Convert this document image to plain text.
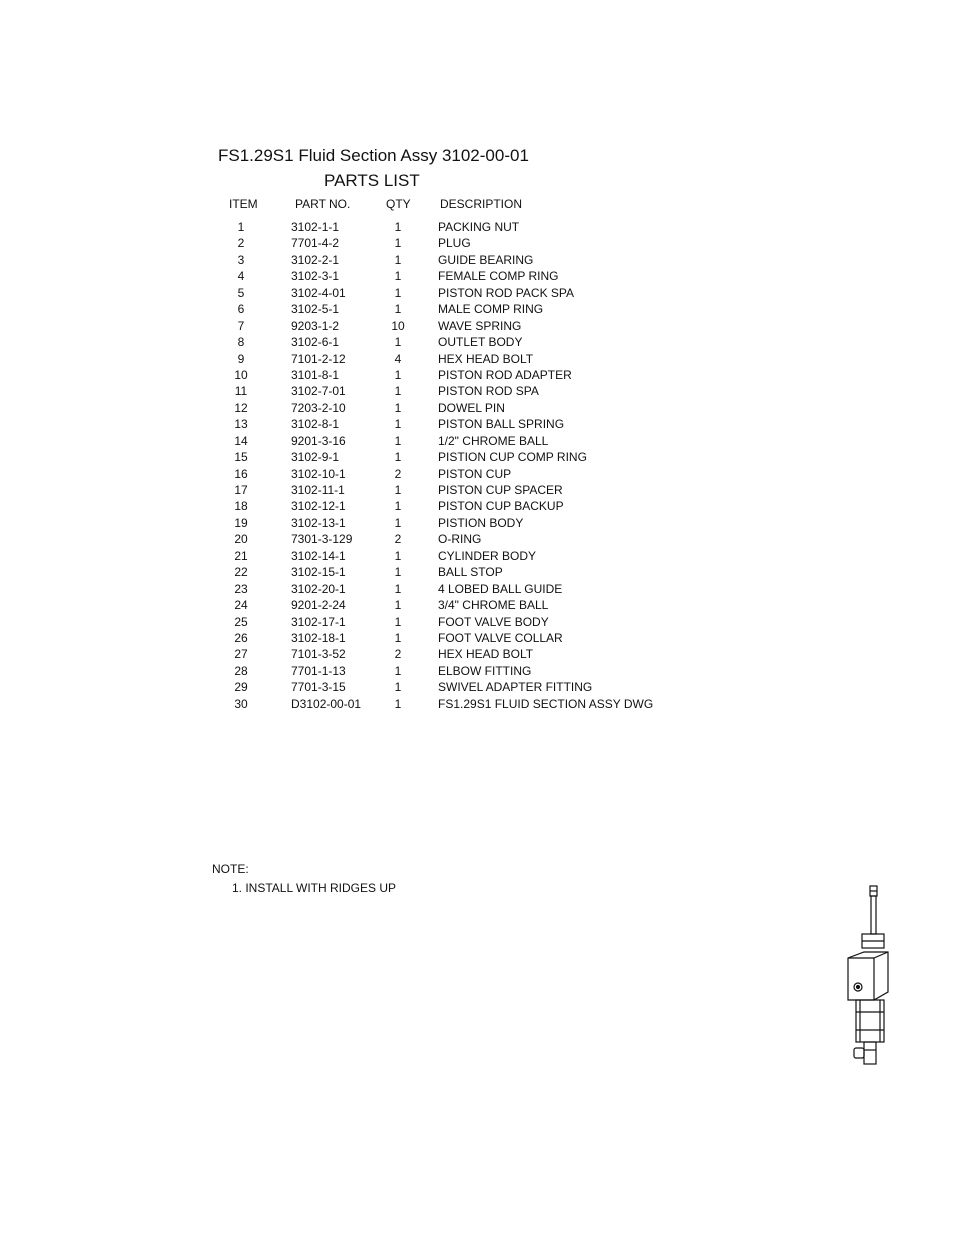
FS1.29S1 Fluid Section Assy 3102-00-01
PARTS LIST
ITEM	PART NO.	QTY DESCRIPTION
1	3102-1-1	1	PACKING NUT
2	7701-4-2	1	PLUG
3	3102-2-1	1	GUIDE BEARING
4	3102-3-1	1	FEMALE COMP RING
5	3102-4-01	1	PISTON ROD PACK SPA
6	3102-5-1	1	MALE COMP RING
7	9203-1-2	10	WAVE SPRING
8	3102-6-1	1	OUTLET BODY
9	7101-2-12	4	HEX HEAD BOLT
10	3101-8-1	1	PISTON ROD ADAPTER
11	3102-7-01	1	PISTON ROD SPA
12	7203-2-10	1	DOWEL PIN
13	3102-8-1	1	PISTON BALL SPRING
14	9201-3-16	1	1/2" CHROME BALL
15	3102-9-1	1	PISTION CUP COMP RING
16	3102-10-1	2	PISTON CUP
17	3102-11-1	1	PISTON CUP SPACER
18	3102-12-1	1	PISTON CUP BACKUP
19	3102-13-1	1	PISTION BODY
20	7301-3-129	2	O-RING
21	3102-14-1	1	CYLINDER BODY
22	3102-15-1	1	BALL STOP
23	3102-20-1	1	4 LOBED BALL GUIDE
24	9201-2-24	1	3/4" CHROME BALL
25	3102-17-1	1	FOOT VALVE BODY
26	3102-18-1	1	FOOT VALVE COLLAR
27	7101-3-52	2	HEX HEAD BOLT
28	7701-1-13	1	ELBOW FITTING
29	7701-3-15	1	SWIVEL ADAPTER FITTING
30	D3102-00-01	1	FS1.29S1 FLUID SECTION ASSY DWG
NOTE:
1. INSTALL WITH RIDGES UP
